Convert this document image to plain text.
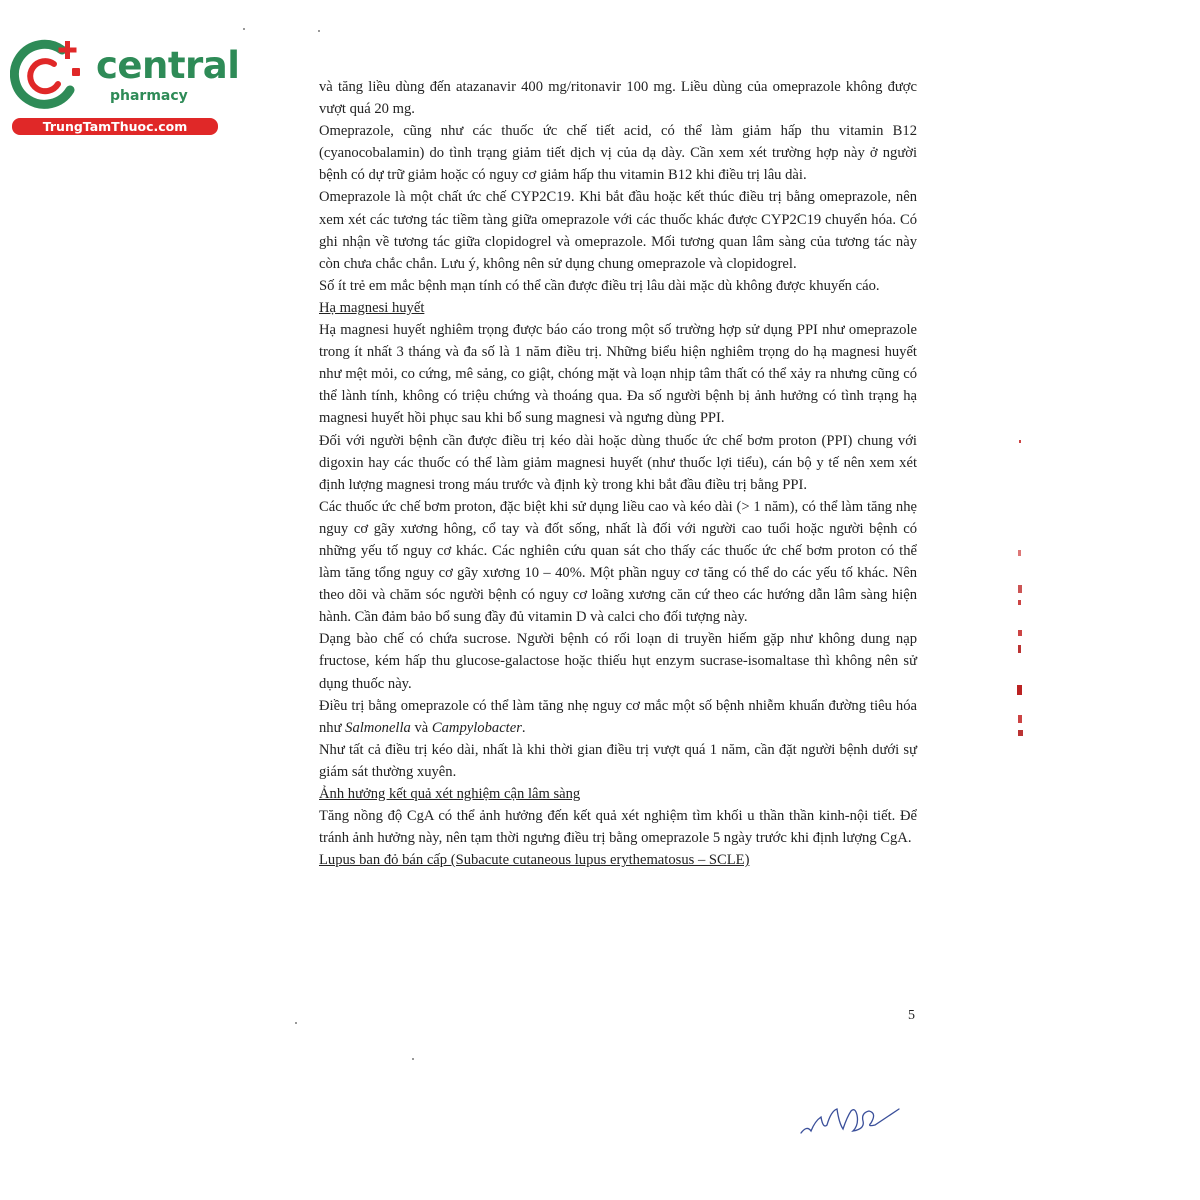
central
pharmacy
TrungTamThuoc.com

và tăng liều dùng đến atazanavir 400 mg/ritonavir 100 mg. Liều dùng của omeprazole không được vượt quá 20 mg.

Omeprazole, cũng như các thuốc ức chế tiết acid, có thể làm giảm hấp thu vitamin B12 (cyanocobalamin) do tình trạng giảm tiết dịch vị của dạ dày. Cần xem xét trường hợp này ở người bệnh có dự trữ giảm hoặc có nguy cơ giảm hấp thu vitamin B12 khi điều trị lâu dài.

Omeprazole là một chất ức chế CYP2C19. Khi bắt đầu hoặc kết thúc điều trị bằng omeprazole, nên xem xét các tương tác tiềm tàng giữa omeprazole với các thuốc khác được CYP2C19 chuyển hóa. Có ghi nhận về tương tác giữa clopidogrel và omeprazole. Mối tương quan lâm sàng của tương tác này còn chưa chắc chắn. Lưu ý, không nên sử dụng chung omeprazole và clopidogrel.

Số ít trẻ em mắc bệnh mạn tính có thể cần được điều trị lâu dài mặc dù không được khuyến cáo.

Hạ magnesi huyết

Hạ magnesi huyết nghiêm trọng được báo cáo trong một số trường hợp sử dụng PPI như omeprazole trong ít nhất 3 tháng và đa số là 1 năm điều trị. Những biểu hiện nghiêm trọng do hạ magnesi huyết như mệt mỏi, co cứng, mê sảng, co giật, chóng mặt và loạn nhịp tâm thất có thể xảy ra nhưng cũng có thể lành tính, không có triệu chứng và thoáng qua. Đa số người bệnh bị ảnh hưởng có tình trạng hạ magnesi huyết hồi phục sau khi bổ sung magnesi và ngưng dùng PPI.

Đối với người bệnh cần được điều trị kéo dài hoặc dùng thuốc ức chế bơm proton (PPI) chung với digoxin hay các thuốc có thể làm giảm magnesi huyết (như thuốc lợi tiểu), cán bộ y tế nên xem xét định lượng magnesi trong máu trước và định kỳ trong khi bắt đầu điều trị bằng PPI.

Các thuốc ức chế bơm proton, đặc biệt khi sử dụng liều cao và kéo dài (> 1 năm), có thể làm tăng nhẹ nguy cơ gãy xương hông, cổ tay và đốt sống, nhất là đối với người cao tuổi hoặc người bệnh có những yếu tố nguy cơ khác. Các nghiên cứu quan sát cho thấy các thuốc ức chế bơm proton có thể làm tăng tổng nguy cơ gãy xương 10 – 40%. Một phần nguy cơ tăng có thể do các yếu tố khác. Nên theo dõi và chăm sóc người bệnh có nguy cơ loãng xương căn cứ theo các hướng dẫn lâm sàng hiện hành. Cần đảm bảo bổ sung đầy đủ vitamin D và calci cho đối tượng này.

Dạng bào chế có chứa sucrose. Người bệnh có rối loạn di truyền hiếm gặp như không dung nạp fructose, kém hấp thu glucose-galactose hoặc thiếu hụt enzym sucrase-isomaltase thì không nên sử dụng thuốc này.

Điều trị bằng omeprazole có thể làm tăng nhẹ nguy cơ mắc một số bệnh nhiễm khuẩn đường tiêu hóa như Salmonella và Campylobacter.

Như tất cả điều trị kéo dài, nhất là khi thời gian điều trị vượt quá 1 năm, cần đặt người bệnh dưới sự giám sát thường xuyên.

Ảnh hưởng kết quả xét nghiệm cận lâm sàng

Tăng nồng độ CgA có thể ảnh hưởng đến kết quả xét nghiệm tìm khối u thần thần kinh-nội tiết. Để tránh ảnh hưởng này, nên tạm thời ngưng điều trị bằng omeprazole 5 ngày trước khi định lượng CgA.

Lupus ban đỏ bán cấp (Subacute cutaneous lupus erythematosus – SCLE)

5
